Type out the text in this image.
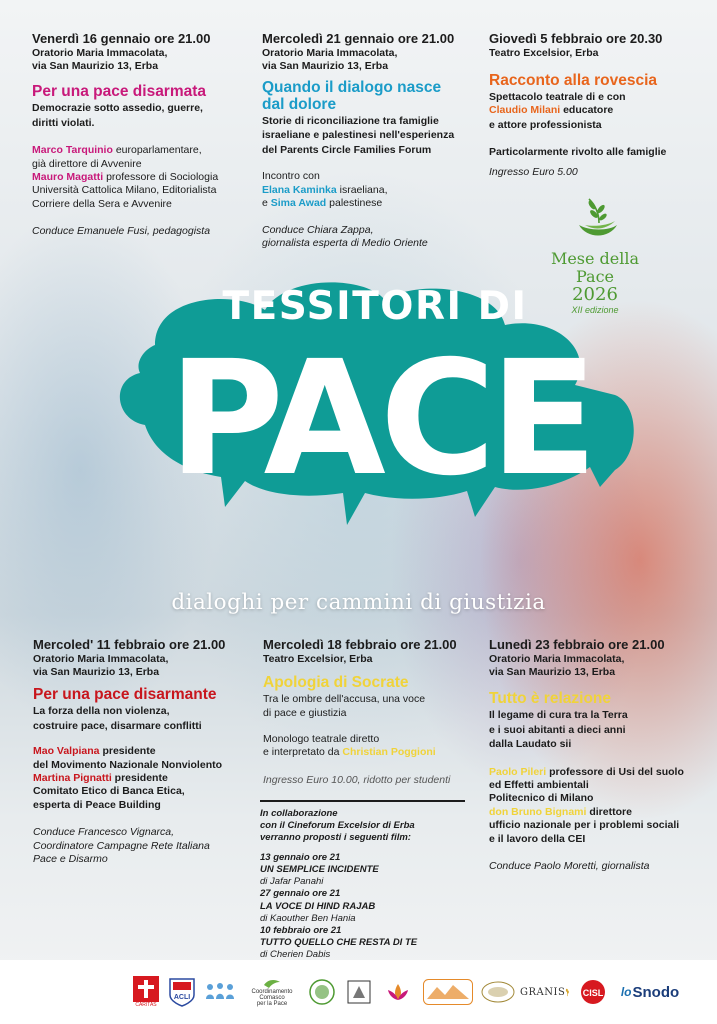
Venerdì 16 gennaio ore 21.00
Oratorio Maria Immacolata,
via San Maurizio 13, Erba
Per una pace disarmata
Democrazie sotto assedio, guerre,
diritti violati.

Marco Tarquinio europarlamentare,

già direttore di Avvenire
Mauro Magatti professore di Sociologia
Università Cattolica Milano, Editorialista
Corriere della Sera e Avvenire

Conduce Emanuele Fusi, pedagogista

Mercoledì 21 gennaio ore 21.00
Oratorio Maria Immacolata,
via San Maurizio 13, Erba
Quando il dialogo nasce
dal dolore
Storie di riconciliazione tra famiglie
israeliane e palestinesi nell'esperienza
del Parents Circle Families Forum

Incontro con

Elana Kaminka israeliana,
e Sima Awad palestinese

Conduce Chiara Zappa,

giornalista esperta di Medio Oriente
Giovedì 5 febbraio ore 20.30
Teatro Excelsior, Erba
Racconto alla rovescia
Spettacolo teatrale di e con
Claudio Milani educatore
e attore professionista

Particolarmente rivolto alle famiglie

Ingresso Euro 5.00

Mese della Pace
2026
XII edizione
TESSITORI DI
PACE
dialoghi per cammini di giustizia
Mercoled' 11 febbraio ore 21.00
Oratorio Maria Immacolata,
via San Maurizio 13, Erba
Per una pace disarmante
La forza della non violenza,
costruire pace, disarmare conflitti

Mao Valpiana presidente

del Movimento Nazionale Nonviolento
Martina Pignatti presidente
Comitato Etico di Banca Etica,
esperta di Peace Building

Conduce Francesco Vignarca,

Coordinatore Campagne Rete Italiana
Pace e Disarmo
Mercoledì 18 febbraio ore 21.00
Teatro Excelsior, Erba
Apologia di Socrate
Tra le ombre dell'accusa, una voce
di pace e giustizia

Monologo teatrale diretto

e interpretato da Christian Poggioni

Ingresso Euro 10.00, ridotto per studenti

In collaborazione
con il Cineforum Excelsior di Erba
verranno proposti i seguenti film:
13 gennaio ore 21
UN SEMPLICE INCIDENTE
di Jafar Panahi
27 gennaio ore 21
LA VOCE DI HIND RAJAB
di Kaouther Ben Hania
10 febbraio ore 21
TUTTO QUELLO CHE RESTA DI TE
di Cherien Dabis
Lunedì 23 febbraio ore 21.00
Oratorio Maria Immacolata,
via San Maurizio 13, Erba
Tutto è relazione
Il legame di cura tra la Terra
e i suoi abitanti a dieci anni
dalla Laudato sii

Paolo Pileri professore di Usi del suolo

ed Effetti ambientali
Politecnico di Milano
don Bruno Bignami direttore
ufficio nazionale per i problemi sociali
e il lavoro della CEI

Conduce Paolo Moretti, giornalista

CARITAS
ACLI
Coordinamento
Comasco
per la Pace
GRANIS CISL lo Snodo
